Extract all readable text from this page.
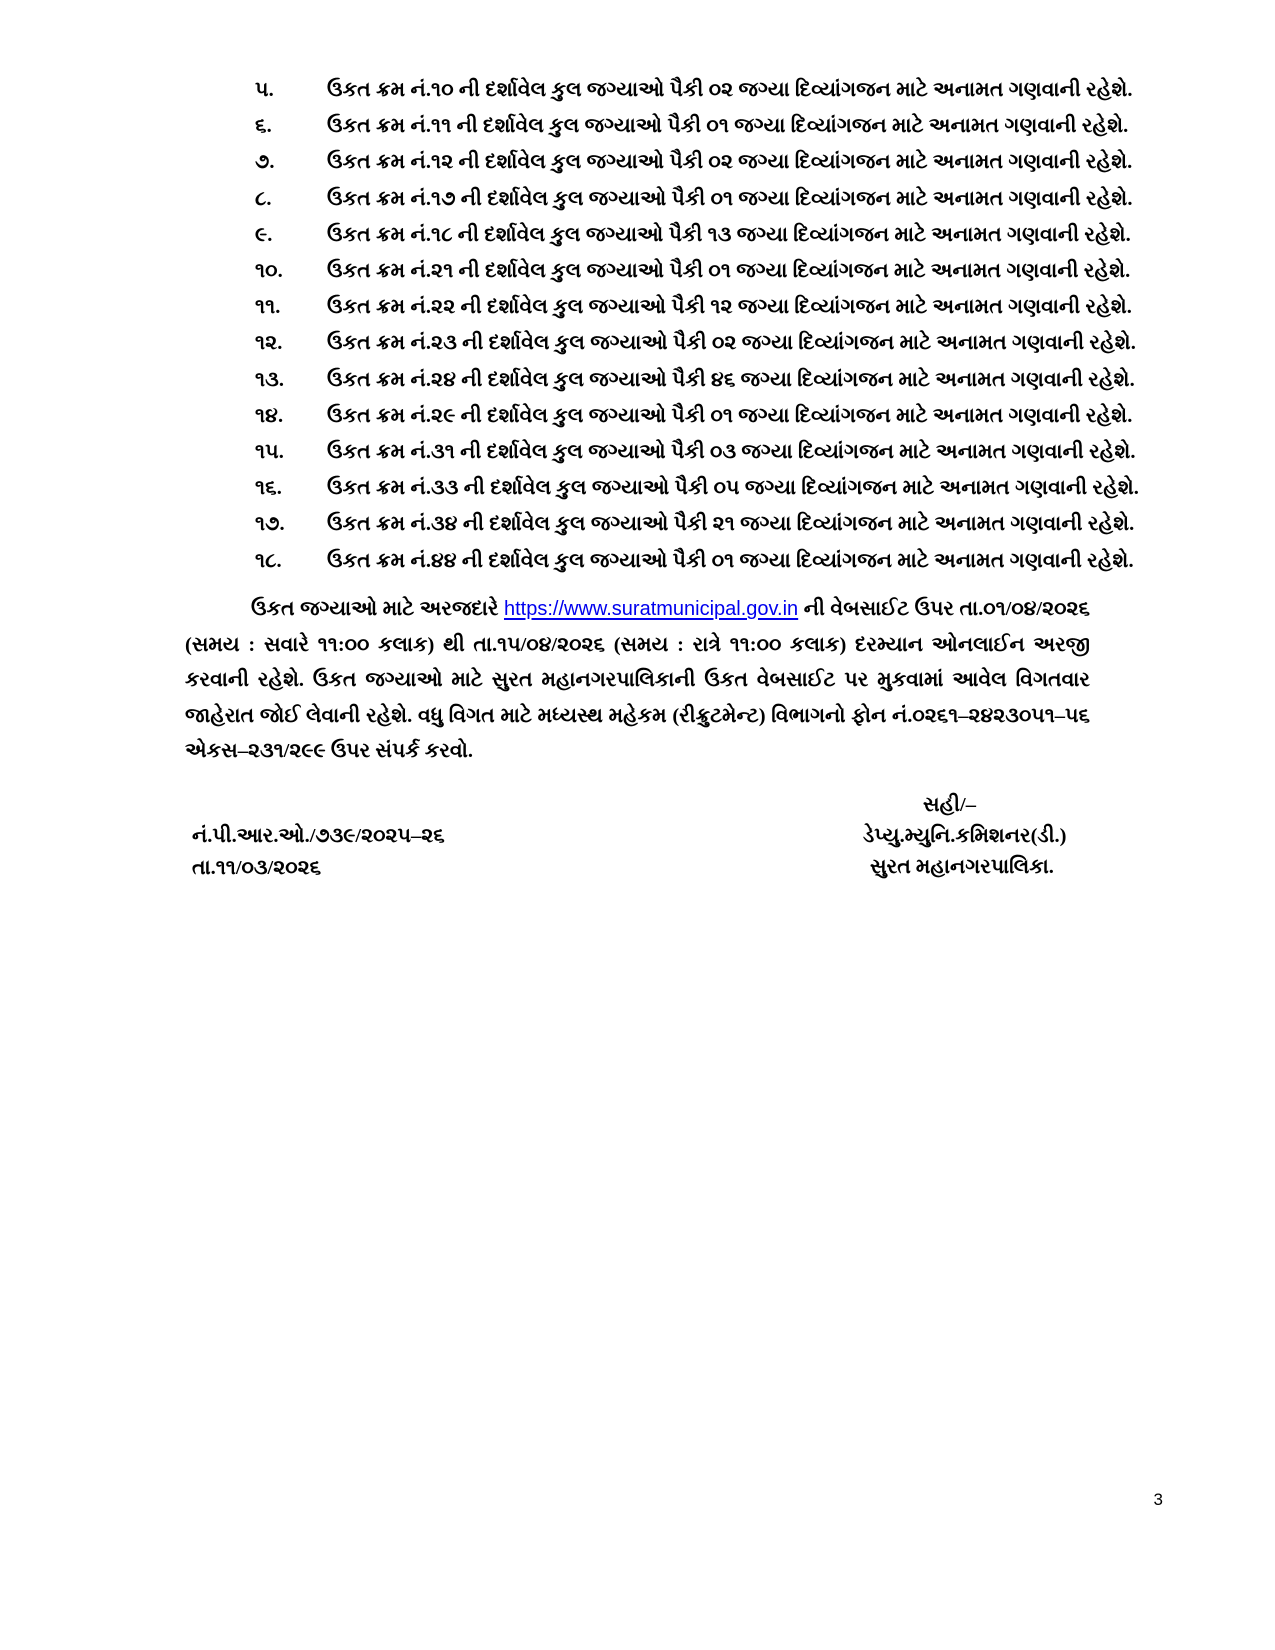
૫.	ઉકત ક્રમ નં.૧૦ ની દર્શાવેલ કુલ જગ્યાઓ પૈકી ૦૨ જગ્યા દિવ્યાંગજન માટે અનામત ગણવાની રહેશે.
૬.	ઉકત ક્રમ નં.૧૧ ની દર્શાવેલ કુલ જગ્યાઓ પૈકી ૦૧ જગ્યા દિવ્યાંગજન માટે અનામત ગણવાની રહેશે.
૭.	ઉકત ક્રમ નં.૧૨ ની દર્શાવેલ કુલ જગ્યાઓ પૈકી ૦૨ જગ્યા દિવ્યાંગજન માટે અનામત ગણવાની રહેશે.
૮.	ઉકત ક્રમ નં.૧૭ ની દર્શાવેલ કુલ જગ્યાઓ પૈકી ૦૧ જગ્યા દિવ્યાંગજન માટે અનામત ગણવાની રહેશે.
૯.	ઉકત ક્રમ નં.૧૮ ની દર્શાવેલ કુલ જગ્યાઓ પૈકી ૧૩ જગ્યા દિવ્યાંગજન માટે અનામત ગણવાની રહેશે.
૧૦.	ઉકત ક્રમ નં.૨૧ ની દર્શાવેલ કુલ જગ્યાઓ પૈકી ૦૧ જગ્યા દિવ્યાંગજન માટે અનામત ગણવાની રહેશે.
૧૧.	ઉકત ક્રમ નં.૨૨ ની દર્શાવેલ કુલ જગ્યાઓ પૈકી ૧૨ જગ્યા દિવ્યાંગજન માટે અનામત ગણવાની રહેશે.
૧૨.	ઉકત ક્રમ નં.૨૩ ની દર્શાવેલ કુલ જગ્યાઓ પૈકી ૦૨ જગ્યા દિવ્યાંગજન માટે અનામત ગણવાની રહેશે.
૧૩.	ઉકત ક્રમ નં.૨૪ ની દર્શાવેલ કુલ જગ્યાઓ પૈકી ૪૬ જગ્યા દિવ્યાંગજન માટે અનામત ગણવાની રહેશે.
૧૪.	ઉકત ક્રમ નં.૨૯ ની દર્શાવેલ કુલ જગ્યાઓ પૈકી ૦૧ જગ્યા દિવ્યાંગજન માટે અનામત ગણવાની રહેશે.
૧૫.	ઉકત ક્રમ નં.૩૧ ની દર્શાવેલ કુલ જગ્યાઓ પૈકી ૦૩ જગ્યા દિવ્યાંગજન માટે અનામત ગણવાની રહેશે.
૧૬.	ઉકત ક્રમ નં.૩૩ ની દર્શાવેલ કુલ જગ્યાઓ પૈકી ૦૫ જગ્યા દિવ્યાંગજન માટે અનામત ગણવાની રહેશે.
૧૭.	ઉકત ક્રમ નં.૩૪ ની દર્શાવેલ કુલ જગ્યાઓ પૈકી ૨૧ જગ્યા દિવ્યાંગજન માટે અનામત ગણવાની રહેશે.
૧૮.	ઉકત ક્રમ નં.૪૪ ની દર્શાવેલ કુલ જગ્યાઓ પૈકી ૦૧ જગ્યા દિવ્યાંગજન માટે અનામત ગણવાની રહેશે.
ઉકત જગ્યાઓ માટે અરજદારે https://www.suratmunicipal.gov.in ની વેબસાઈટ ઉપર તા.૦૧/૦૪/૨૦૨૬ (સમય : સવારે ૧૧:૦૦ કલાક) થી તા.૧૫/૦૪/૨૦૨૬ (સમય : રાત્રે ૧૧:૦૦ કલાક) દરમ્યાન ઓનલાઈન અરજી કરવાની રહેશે. ઉકત જગ્યાઓ માટે સુરત મહાનગરપાલિકાની ઉકત વેબસાઈટ પર મુકવામાં આવેલ વિગતવાર જાહેરાત જોઈ લેવાની રહેશે. વધુ વિગત માટે મધ્યસ્થ મહેકમ (રીક્રુટમેન્ટ) વિભાગનો ફોન નં.૦૨૬૧–૨૪૨૩૦૫૧–૫૬ એકસ–૨૩૧/૨૯૯ ઉપર સંપર્ક કરવો.
સહી/–
ડેપ્યુ.મ્યુનિ.કમિશનર(ડી.)
સુરત મહાનગરપાલિકા.
નં.પી.આર.ઓ./૭૩૯/૨૦૨૫–૨૬
તા.૧૧/૦૩/૨૦૨૬
3
